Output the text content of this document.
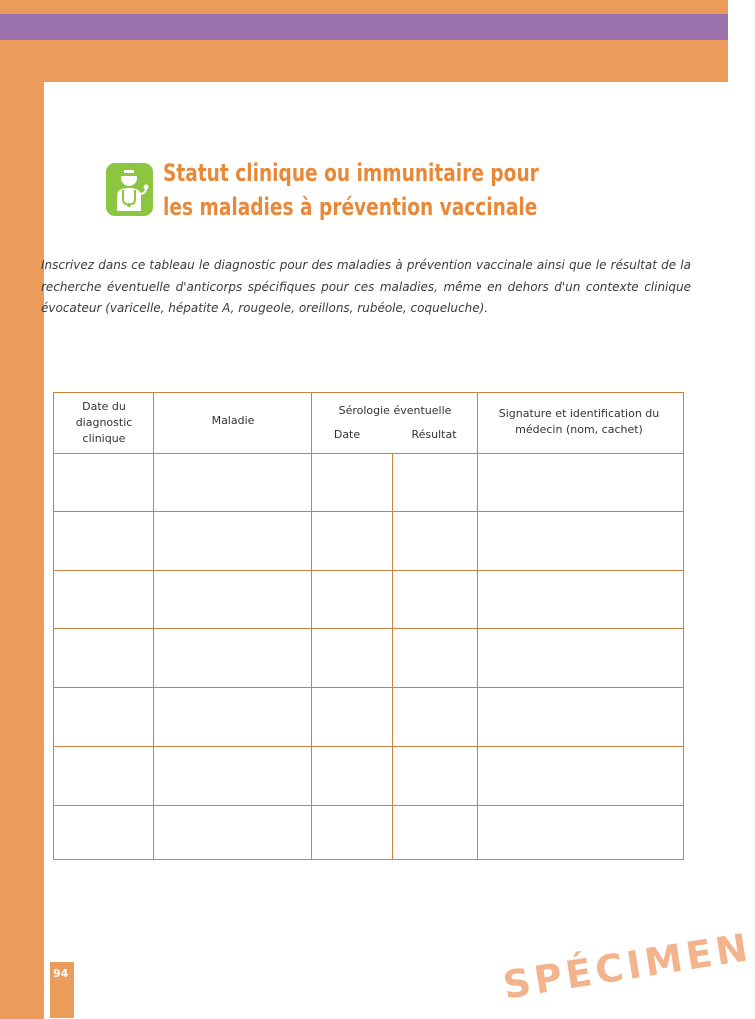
Statut clinique ou immunitaire pour
les maladies à prévention vaccinale
Inscrivez dans ce tableau le diagnostic pour des maladies à prévention vaccinale ainsi que le résultat de la recherche éventuelle d'anticorps spécifiques pour ces maladies, même en dehors d'un contexte clinique évocateur (varicelle, hépatite A, rougeole, oreillons, rubéole, coqueluche).
Date du diagnostic clinique
Maladie
Sérologie éventuelle
Date	Résultat
Signature et identification du médecin (nom, cachet)
94	SPÉCIMEN
